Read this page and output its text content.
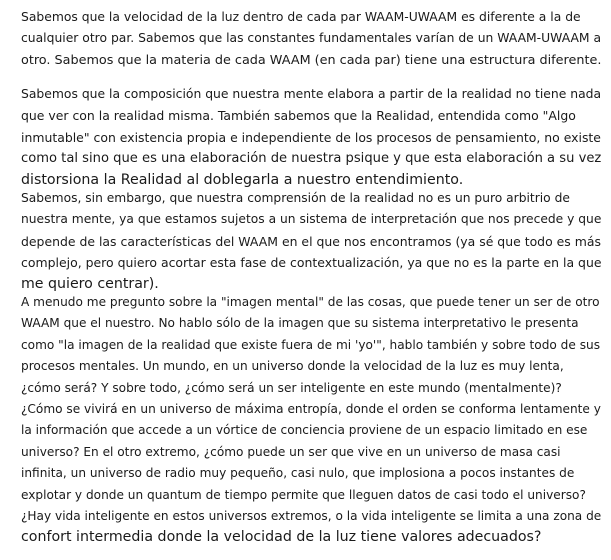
Sabemos que la velocidad de la luz dentro de cada par WAAM-UWAAM es diferente a la de
cualquier otro par. Sabemos que las constantes fundamentales varían de un WAAM-UWAAM a
otro. Sabemos que la materia de cada WAAM (en cada par) tiene una estructura diferente.
Sabemos que la composición que nuestra mente elabora a partir de la realidad no tiene nada
que ver con la realidad misma. También sabemos que la Realidad, entendida como "Algo
inmutable" con existencia propia e independiente de los procesos de pensamiento, no existe
como tal sino que es una elaboración de nuestra psique y que esta elaboración a su vez
distorsiona la Realidad al doblegarla a nuestro entendimiento.
Sabemos, sin embargo, que nuestra comprensión de la realidad no es un puro arbitrio de
nuestra mente, ya que estamos sujetos a un sistema de interpretación que nos precede y que
depende de las características del WAAM en el que nos encontramos (ya sé que todo es más
complejo, pero quiero acortar esta fase de contextualización, ya que no es la parte en la que
me quiero centrar).
A menudo me pregunto sobre la "imagen mental" de las cosas, que puede tener un ser de otro
WAAM que el nuestro. No hablo sólo de la imagen que su sistema interpretativo le presenta
como "la imagen de la realidad que existe fuera de mi 'yo'", hablo también y sobre todo de sus
procesos mentales. Un mundo, en un universo donde la velocidad de la luz es muy lenta,
¿cómo será? Y sobre todo, ¿cómo será un ser inteligente en este mundo (mentalmente)?
¿Cómo se vivirá en un universo de máxima entropía, donde el orden se conforma lentamente y
la información que accede a un vórtice de conciencia proviene de un espacio limitado en ese
universo? En el otro extremo, ¿cómo puede un ser que vive en un universo de masa casi
infinita, un universo de radio muy pequeño, casi nulo, que implosiona a pocos instantes de
explotar y donde un quantum de tiempo permite que lleguen datos de casi todo el universo?
¿Hay vida inteligente en estos universos extremos, o la vida inteligente se limita a una zona de
confort intermedia donde la velocidad de la luz tiene valores adecuados?
